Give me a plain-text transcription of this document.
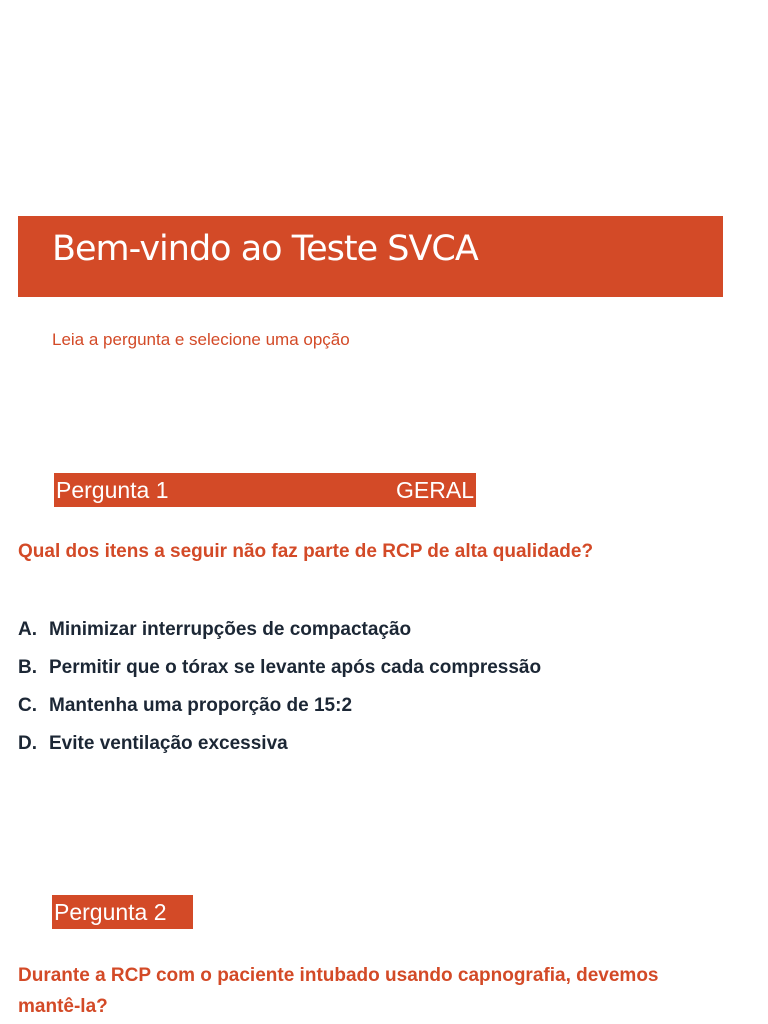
Bem-vindo ao Teste SVCA

Leia a pergunta e selecione uma opção

Pergunta 1	GERAL

Qual dos itens a seguir não faz parte de RCP de alta qualidade?

A. Minimizar interrupções de compactação
B. Permitir que o tórax se levante após cada compressão
C. Mantenha uma proporção de 15:2
D. Evite ventilação excessiva
Pergunta 2

Durante a RCP com o paciente intubado usando capnografia, devemos mantê-la?
